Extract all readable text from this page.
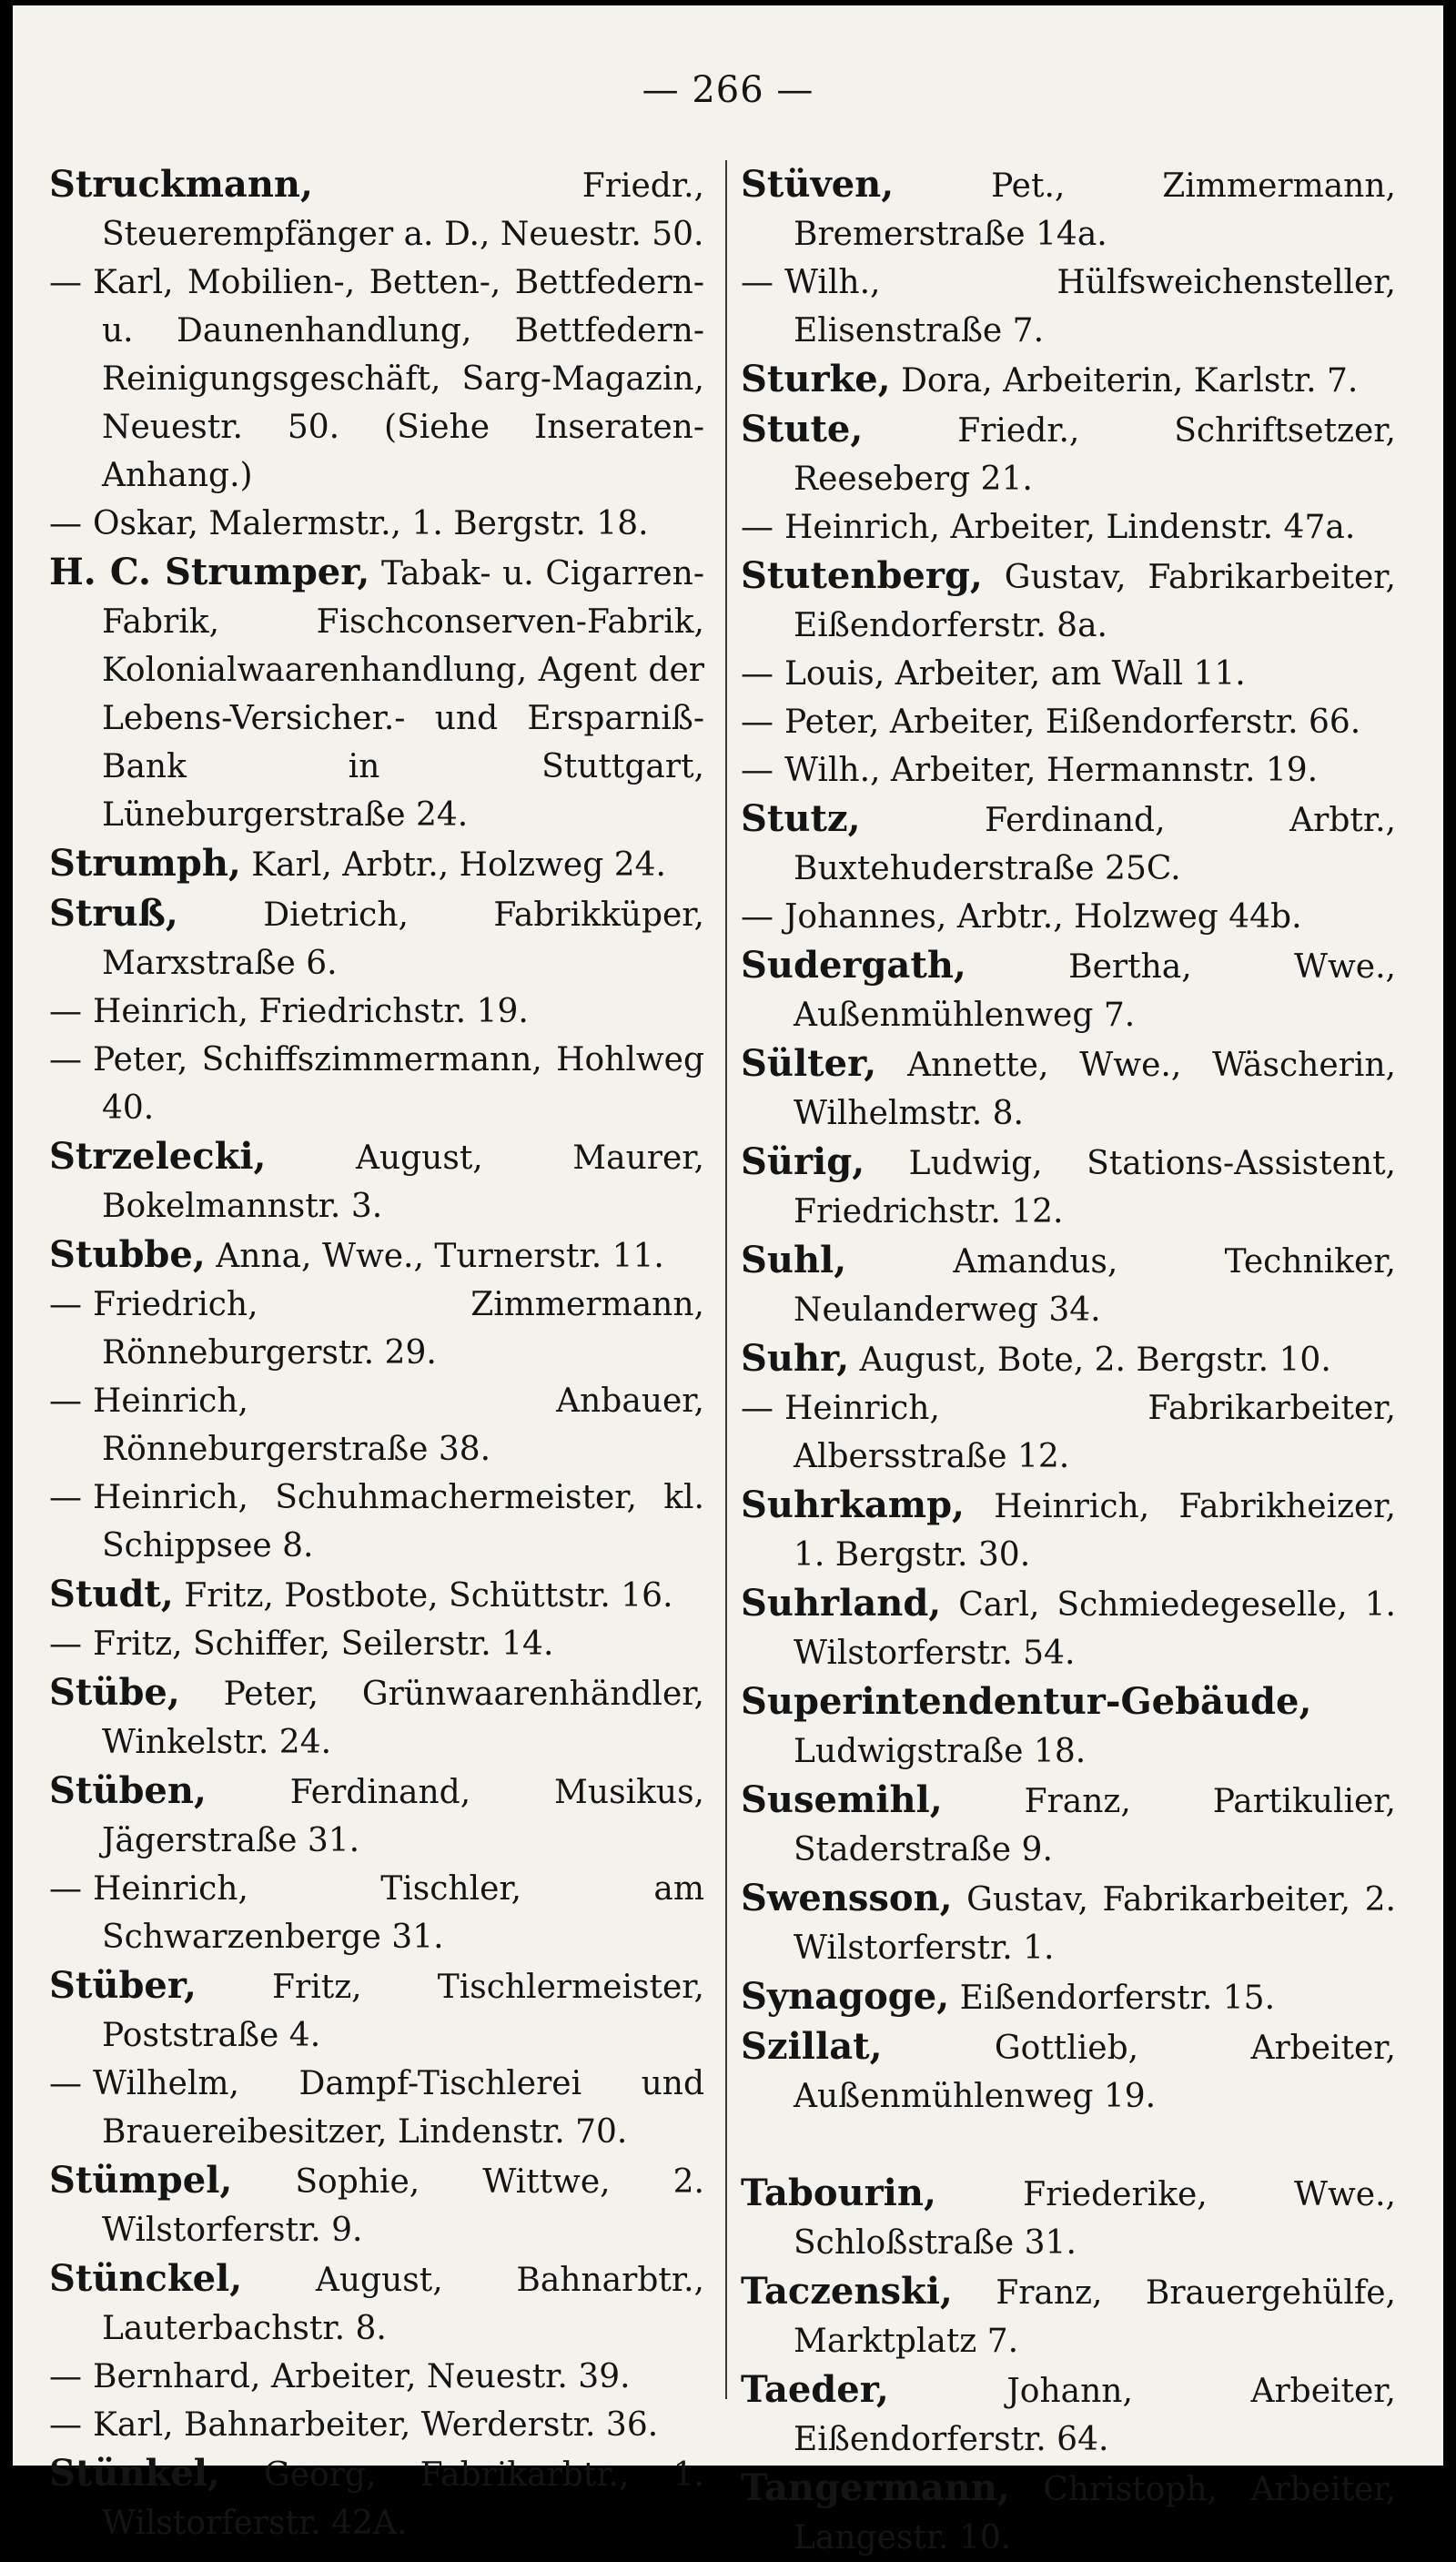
— 266 —

Struckmann,	Friedr., Steuerempfänger a. D., Neuestr. 50.

— Karl, Mobilien-, Betten-, Bettfedern- u. Daunenhandlung, Bettfedern-Reinigungsgeschäft, Sarg-Magazin, Neuestr. 50. (Siehe Inseraten-Anhang.)

— Oskar, Malermstr., 1. Bergstr. 18.

H. C. Strumper, Tabak- u. Cigarren-Fabrik, Fischconserven-Fabrik, Kolonialwaarenhandlung, Agent der Lebens-Versicher.- und Ersparniß-Bank in Stuttgart, Lüneburgerstraße 24.

Strumph, Karl, Arbtr., Holzweg 24.

Struß,	Dietrich, Fabrikküper, Marxstraße 6.

— Heinrich, Friedrichstr. 19.

— Peter, Schiffszimmermann, Hohlweg 40.

Strzelecki,	August, Maurer, Bokelmannstr. 3.

Stubbe, Anna, Wwe., Turnerstr. 11.

— Friedrich, Zimmermann, Rönneburgerstr. 29.

— Heinrich, Anbauer, Rönneburgerstraße 38.

— Heinrich, Schuhmachermeister, kl. Schippsee 8.

Studt, Fritz, Postbote, Schüttstr. 16.

— Fritz, Schiffer, Seilerstr. 14.

Stübe, Peter, Grünwaarenhändler, Winkelstr. 24.

Stüben,	Ferdinand, Musikus, Jägerstraße 31.

— Heinrich, Tischler, am Schwarzenberge 31.

Stüber, Fritz, Tischlermeister, Poststraße 4.

— Wilhelm, Dampf-Tischlerei und Brauereibesitzer, Lindenstr. 70.

Stümpel, Sophie, Wittwe, 2. Wilstorferstr. 9.

Stünckel, August, Bahnarbtr., Lauterbachstr. 8.

— Bernhard, Arbeiter, Neuestr. 39.

— Karl, Bahnarbeiter, Werderstr. 36.

Stünkel, Georg, Fabrikarbtr., 1. Wilstorferstr. 42A.

Stüven,	Pet., Zimmermann, Bremerstraße 14a.

— Wilh., Hülfsweichensteller, Elisenstraße 7.

Sturke, Dora, Arbeiterin, Karlstr. 7.

Stute,	Friedr., Schriftsetzer, Reeseberg 21.

— Heinrich, Arbeiter, Lindenstr. 47a.

Stutenberg, Gustav, Fabrikarbeiter, Eißendorferstr. 8a.

— Louis, Arbeiter, am Wall 11.

— Peter, Arbeiter, Eißendorferstr. 66.

— Wilh., Arbeiter, Hermannstr. 19.

Stutz,	Ferdinand, Arbtr., Buxtehuderstraße 25C.

— Johannes, Arbtr., Holzweg 44b.

Sudergath,	Bertha, Wwe., Außenmühlenweg 7.

Sülter, Annette, Wwe., Wäscherin, Wilhelmstr. 8.

Sürig, Ludwig, Stations-Assistent, Friedrichstr. 12.

Suhl,	Amandus, Techniker, Neulanderweg 34.

Suhr, August, Bote, 2. Bergstr. 10.

— Heinrich, Fabrikarbeiter, Albersstraße 12.

Suhrkamp, Heinrich, Fabrikheizer, 1. Bergstr. 30.

Suhrland, Carl, Schmiedegeselle, 1. Wilstorferstr. 54.

Superintendentur-Gebäude, Ludwigstraße 18.

Susemihl, Franz, Partikulier, Staderstraße 9.

Swensson, Gustav, Fabrikarbeiter, 2. Wilstorferstr. 1.

Synagoge, Eißendorferstr. 15.

Szillat,	Gottlieb, Arbeiter, Außenmühlenweg 19.

Tabourin,	Friederike, Wwe., Schloßstraße 31.

Taczenski, Franz, Brauergehülfe, Marktplatz 7.

Taeder,	Johann, Arbeiter, Eißendorferstr. 64.

Tangermann, Christoph, Arbeiter, Langestr. 10.
